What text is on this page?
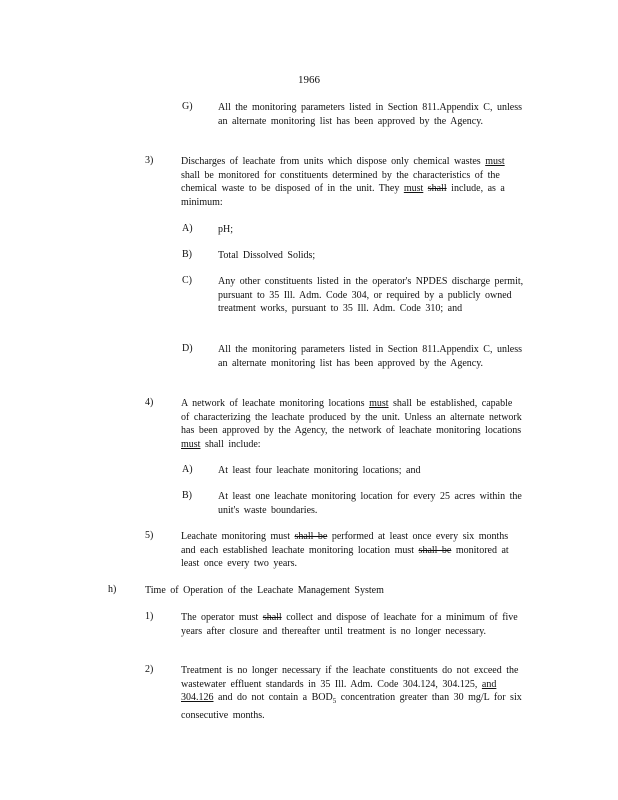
1966
G)	All the monitoring parameters listed in Section 811.Appendix C, unless an alternate monitoring list has been approved by the Agency.
3)	Discharges of leachate from units which dispose only chemical wastes must shall be monitored for constituents determined by the characteristics of the chemical waste to be disposed of in the unit. They must shall include, as a minimum:
A)	pH;
B)	Total Dissolved Solids;
C)	Any other constituents listed in the operator's NPDES discharge permit, pursuant to 35 Ill. Adm. Code 304, or required by a publicly owned treatment works, pursuant to 35 Ill. Adm. Code 310; and
D)	All the monitoring parameters listed in Section 811.Appendix C, unless an alternate monitoring list has been approved by the Agency.
4)	A network of leachate monitoring locations must shall be established, capable of characterizing the leachate produced by the unit. Unless an alternate network has been approved by the Agency, the network of leachate monitoring locations must shall include:
A)	At least four leachate monitoring locations; and
B)	At least one leachate monitoring location for every 25 acres within the unit's waste boundaries.
5)	Leachate monitoring must shall be performed at least once every six months and each established leachate monitoring location must shall be monitored at least once every two years.
h)	Time of Operation of the Leachate Management System
1)	The operator must shall collect and dispose of leachate for a minimum of five years after closure and thereafter until treatment is no longer necessary.
2)	Treatment is no longer necessary if the leachate constituents do not exceed the wastewater effluent standards in 35 Ill. Adm. Code 304.124, 304.125, and 304.126 and do not contain a $BOD_5$ concentration greater than 30 mg/L for six consecutive months.
